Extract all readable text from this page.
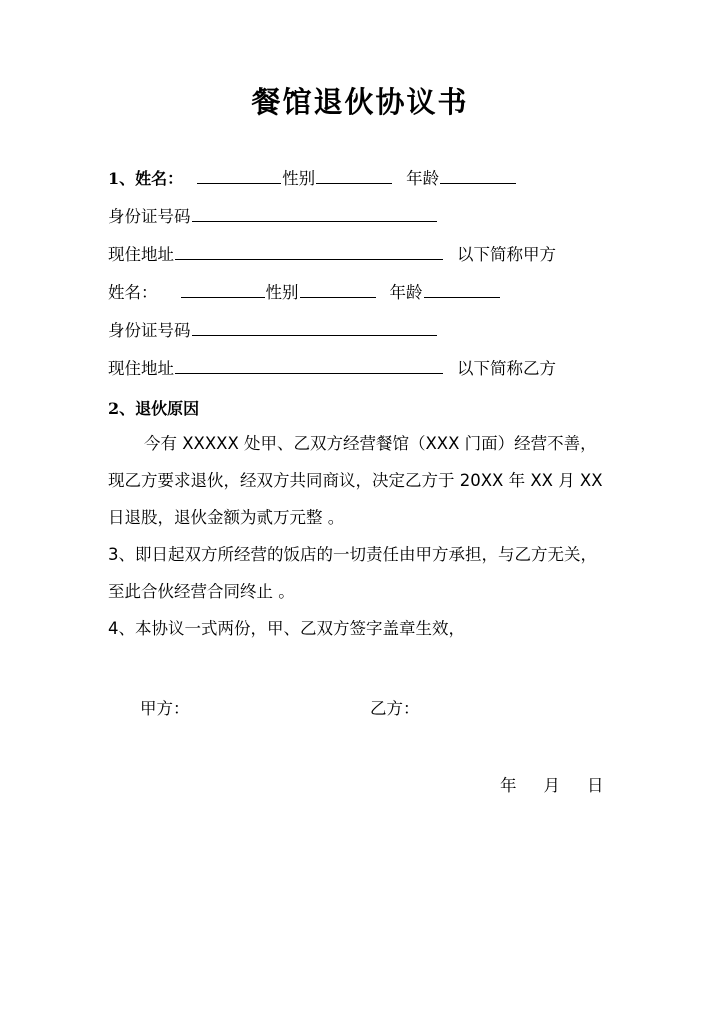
餐馆退伙协议书
1、姓名：	性别	年龄
身份证号码
现住地址	以下简称甲方
姓名：	性别	年龄
身份证号码
现住地址	以下简称乙方
2、退伙原因
今有 XXXXX 处甲、乙双方经营餐馆（XXX 门面）经营不善，
现乙方要求退伙，经双方共同商议，决定乙方于 20XX 年 XX 月 XX
日退股，退伙金额为贰万元整 。
3、即日起双方所经营的饭店的一切责任由甲方承担，与乙方无关，
至此合伙经营合同终止 。
4、本协议一式两份，甲、乙双方签字盖章生效，
甲方：	乙方：
年 月 日
